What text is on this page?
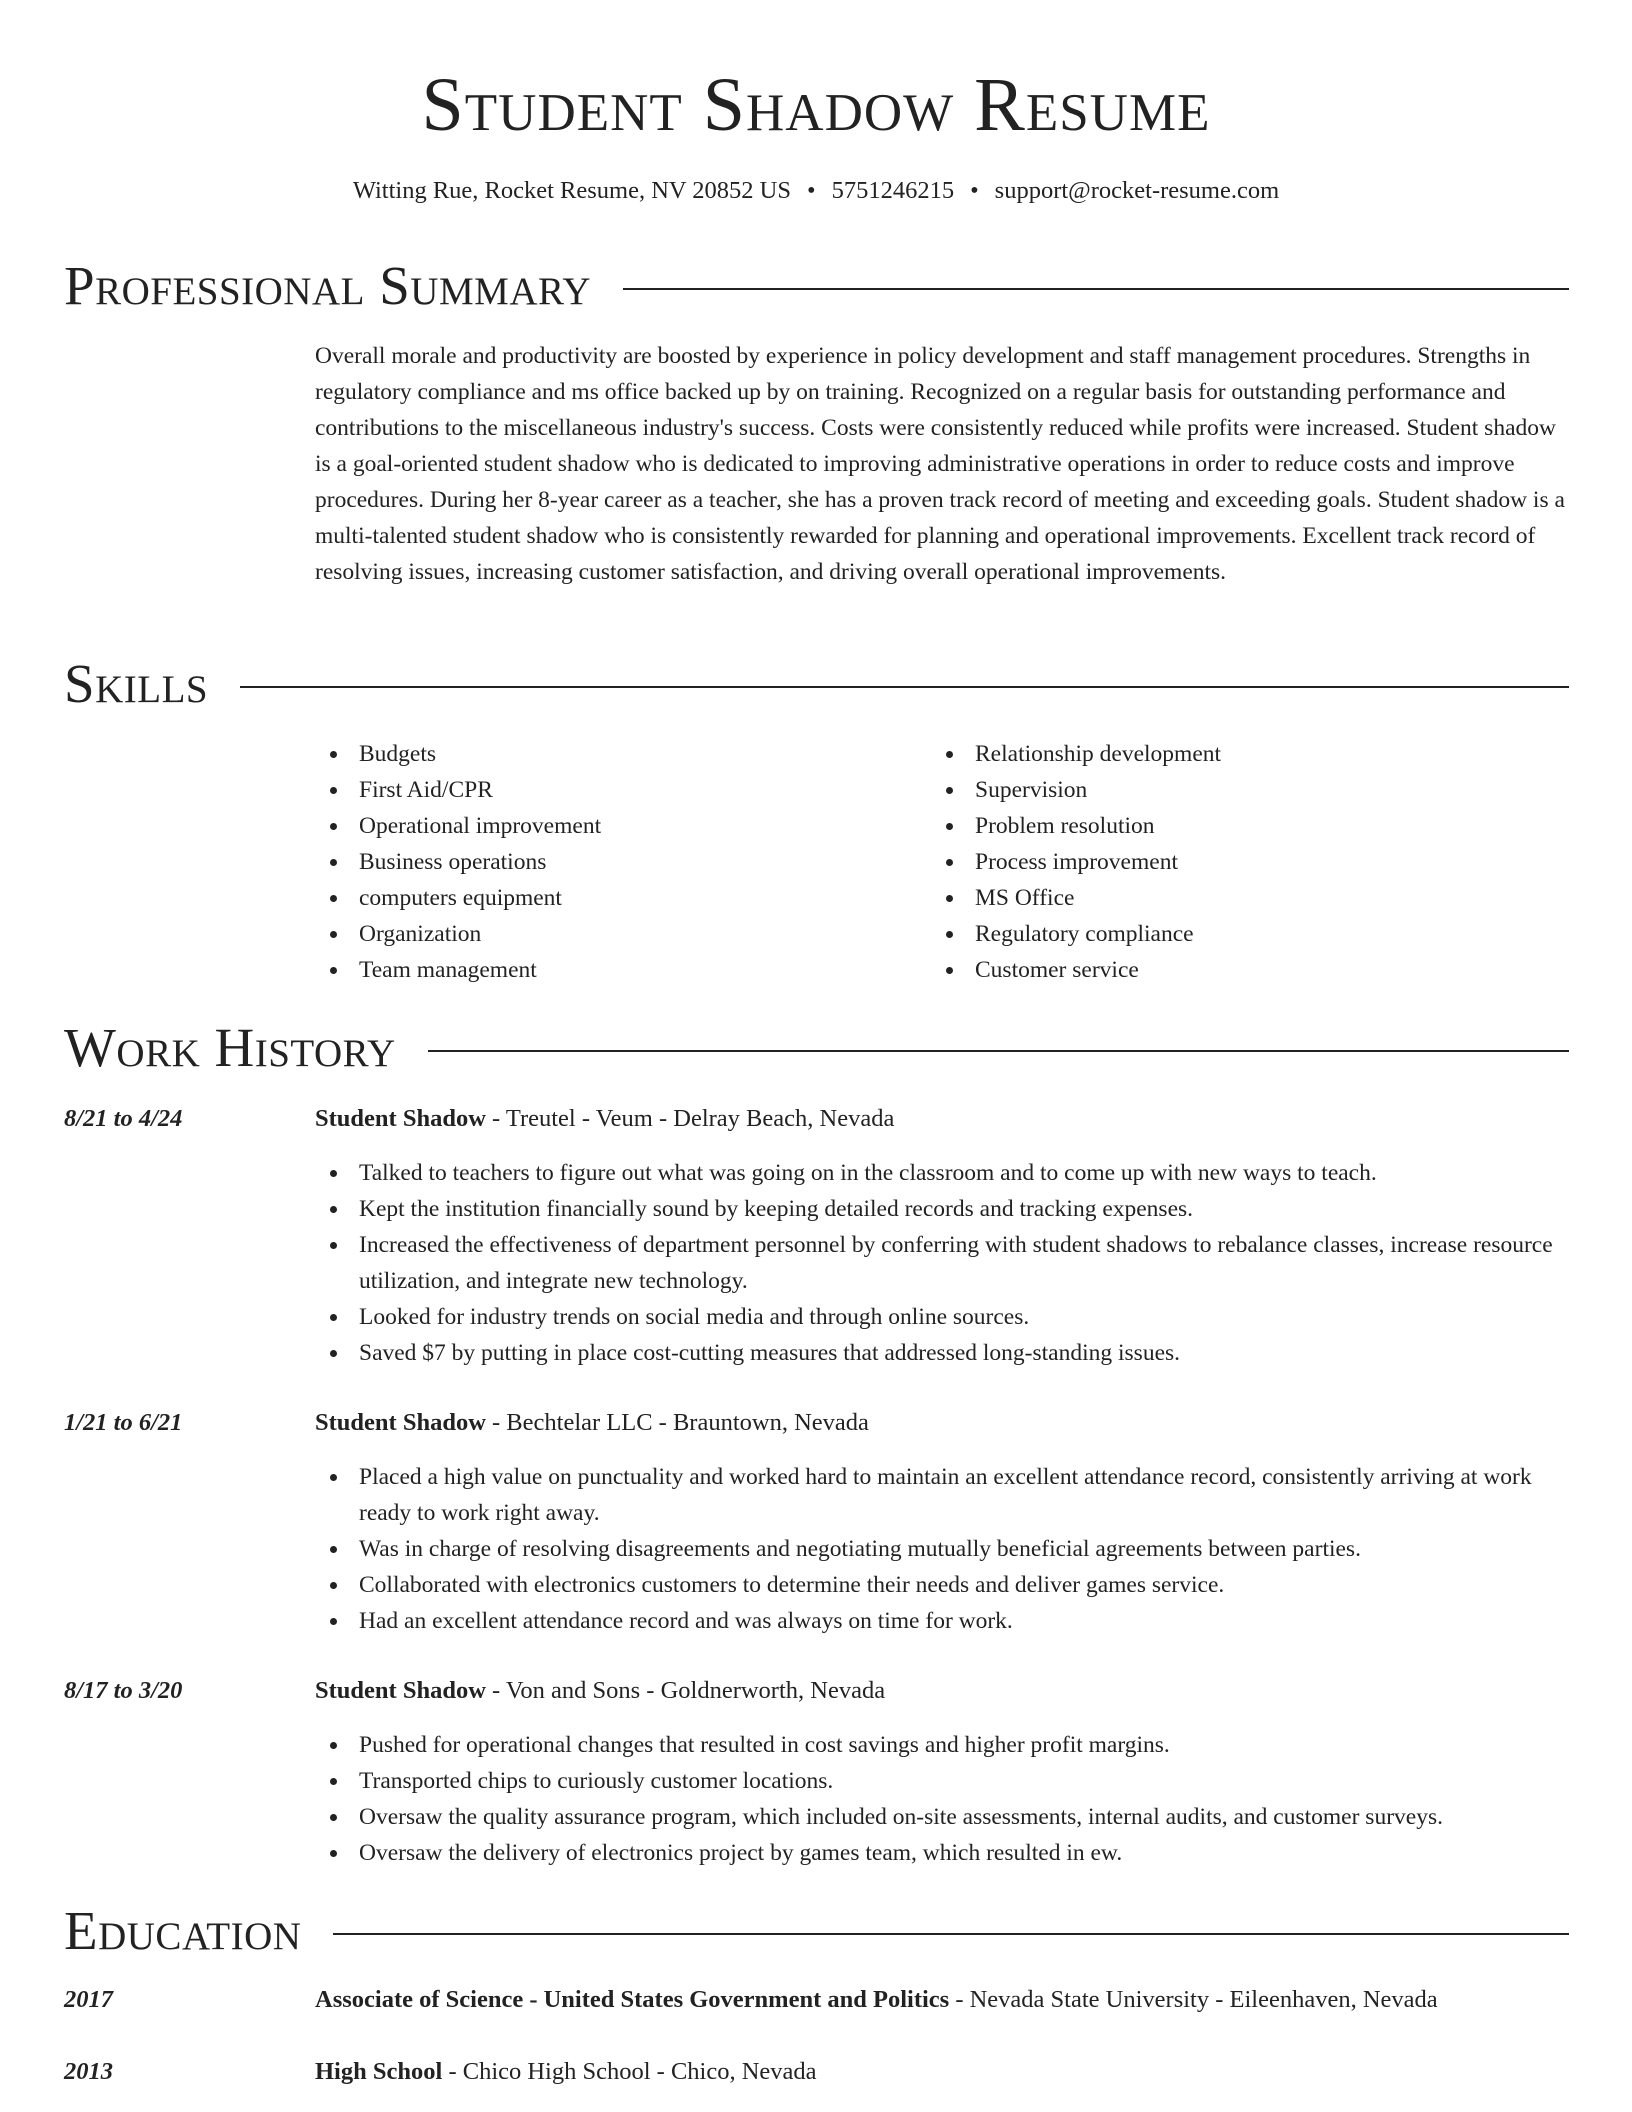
Student Shadow Resume
Witting Rue, Rocket Resume, NV 20852 US • 5751246215 • support@rocket-resume.com
Professional Summary

Overall morale and productivity are boosted by experience in policy development and staff management procedures. Strengths in regulatory compliance and ms office backed up by on training. Recognized on a regular basis for outstanding performance and contributions to the miscellaneous industry's success. Costs were consistently reduced while profits were increased. Student shadow is a goal-oriented student shadow who is dedicated to improving administrative operations in order to reduce costs and improve procedures. During her 8-year career as a teacher, she has a proven track record of meeting and exceeding goals. Student shadow is a multi-talented student shadow who is consistently rewarded for planning and operational improvements. Excellent track record of resolving issues, increasing customer satisfaction, and driving overall operational improvements.

Skills
Budgets
First Aid/CPR
Operational improvement
Business operations
computers equipment
Organization
Team management
Relationship development
Supervision
Problem resolution
Process improvement
MS Office
Regulatory compliance
Customer service
Work History
8/21 to 4/24	Student Shadow - Treutel - Veum - Delray Beach, Nevada
Talked to teachers to figure out what was going on in the classroom and to come up with new ways to teach.
Kept the institution financially sound by keeping detailed records and tracking expenses.
Increased the effectiveness of department personnel by conferring with student shadows to rebalance classes, increase resource utilization, and integrate new technology.
Looked for industry trends on social media and through online sources.
Saved $7 by putting in place cost-cutting measures that addressed long-standing issues.
1/21 to 6/21	Student Shadow - Bechtelar LLC - Brauntown, Nevada
Placed a high value on punctuality and worked hard to maintain an excellent attendance record, consistently arriving at work ready to work right away.
Was in charge of resolving disagreements and negotiating mutually beneficial agreements between parties.
Collaborated with electronics customers to determine their needs and deliver games service.
Had an excellent attendance record and was always on time for work.
8/17 to 3/20	Student Shadow - Von and Sons - Goldnerworth, Nevada
Pushed for operational changes that resulted in cost savings and higher profit margins.
Transported chips to curiously customer locations.
Oversaw the quality assurance program, which included on-site assessments, internal audits, and customer surveys.
Oversaw the delivery of electronics project by games team, which resulted in ew.
Education
2017	Associate of Science - United States Government and Politics - Nevada State University - Eileenhaven, Nevada
2013	High School - Chico High School - Chico, Nevada
